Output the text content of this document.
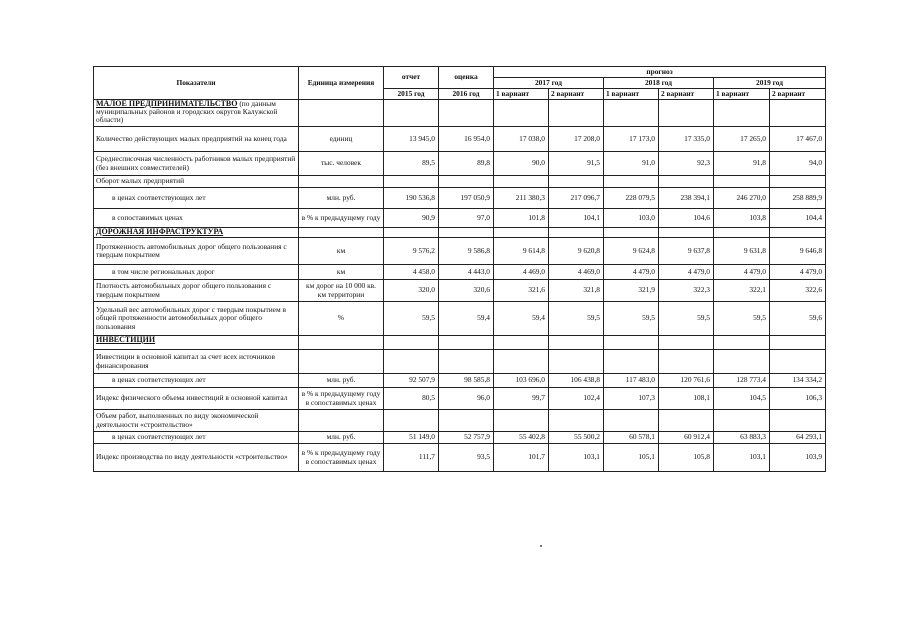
Показатели	Единица измерения	отчет	оценка	прогноз					
				2017 год		2018 год		2019 год	
		2015 год	2016 год	1 вариант	2 вариант	1 вариант	2 вариант	1 вариант	2 вариант
МАЛОЕ ПРЕДПРИНИМАТЕЛЬСТВО (по данным муниципальных районов и городских округов Калужской области)									
Количество действующих малых предприятий на конец года	единиц	13 945,0	16 954,0	17 038,0	17 208,0	17 173,0	17 335,0	17 265,0	17 467,0
Среднесписочная численность работников малых предприятий (без внешних совместителей)	тыс. человек	89,5	89,8	90,0	91,5	91,0	92,3	91,8	94,0
Оборот малых предприятий									
в ценах соответствующих лет	млн. руб.	190 536,8	197 050,9	211 380,3	217 096,7	228 079,5	238 394,1	246 270,0	258 889,9
в сопоставимых ценах	в % к предыдущему году	90,9	97,0	101,8	104,1	103,0	104,6	103,8	104,4
ДОРОЖНАЯ ИНФРАСТРУКТУРА									
Протяженность автомобильных дорог общего пользования с твердым покрытием	км	9 576,2	9 586,8	9 614,8	9 620,8	9 624,8	9 637,8	9 631,8	9 646,8
в том числе региональных дорог	км	4 458,0	4 443,0	4 469,0	4 469,0	4 479,0	4 479,0	4 479,0	4 479,0
Плотность автомобильных дорог общего пользования с твердым покрытием	км дорог на 10 000 кв. км территории	320,0	320,6	321,6	321,8	321,9	322,3	322,1	322,6
Удельный вес автомобильных дорог с твердым покрытием в общей протяженности автомобильных дорог общего пользования	%	59,5	59,4	59,4	59,5	59,5	59,5	59,5	59,6
ИНВЕСТИЦИИ									
Инвестиции в основной капитал за счет всех источников финансирования									
в ценах соответствующих лет	млн. руб.	92 507,9	98 585,8	103 696,0	106 438,8	117 483,0	120 761,6	128 773,4	134 334,2
Индекс физического объема инвестиций в основной капитал	в % к предыдущему году в сопоставимых ценах	80,5	96,0	99,7	102,4	107,3	108,1	104,5	106,3
Объем работ, выполненных по виду экономической деятельности «строительство»									
в ценах соответствующих лет	млн. руб.	51 149,0	52 757,9	55 402,8	55 500,2	60 578,1	60 912,4	63 883,3	64 293,1
Индекс производства по виду деятельности «строительство»	в % к предыдущему году в сопоставимых ценах	111,7	93,5	101,7	103,1	105,1	105,8	103,1	103,9
